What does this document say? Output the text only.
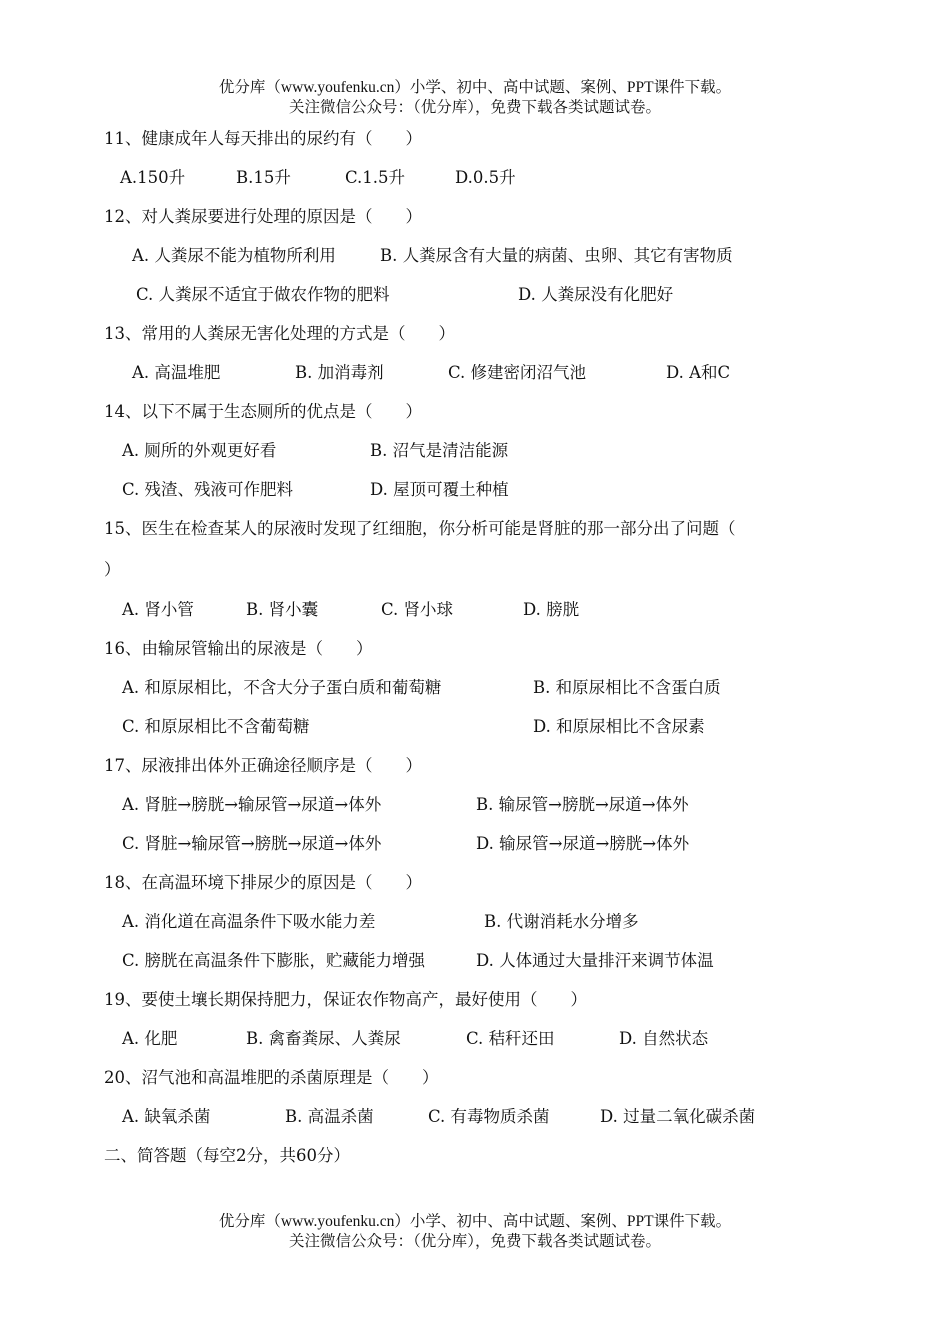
优分库（www.youfenku.cn）小学、初中、高中试题、案例、PPT课件下载。
关注微信公众号：（优分库），免费下载各类试题试卷。
11、健康成年人每天排出的尿约有（　　）
A.150升	B.15升	C.1.5升	D.0.5升
12、对人粪尿要进行处理的原因是（　　）
A. 人粪尿不能为植物所利用	B. 人粪尿含有大量的病菌、虫卵、其它有害物质
C. 人粪尿不适宜于做农作物的肥料	D. 人粪尿没有化肥好
13、常用的人粪尿无害化处理的方式是（　　）
A. 高温堆肥	B. 加消毒剂	C. 修建密闭沼气池	D. A和C
14、以下不属于生态厕所的优点是（　　）
A. 厕所的外观更好看	B. 沼气是清洁能源
C. 残渣、残液可作肥料	D. 屋顶可覆土种植
15、医生在检查某人的尿液时发现了红细胞，你分析可能是肾脏的那一部分出了问题（
）
A. 肾小管	B. 肾小囊	C. 肾小球	D. 膀胱
16、由输尿管输出的尿液是（　　）
A. 和原尿相比，不含大分子蛋白质和葡萄糖	B. 和原尿相比不含蛋白质
C. 和原尿相比不含葡萄糖	D. 和原尿相比不含尿素
17、尿液排出体外正确途径顺序是（　　）
A. 肾脏→膀胱→输尿管→尿道→体外	B. 输尿管→膀胱→尿道→体外
C. 肾脏→输尿管→膀胱→尿道→体外	D. 输尿管→尿道→膀胱→体外
18、在高温环境下排尿少的原因是（　　）
A. 消化道在高温条件下吸水能力差	B. 代谢消耗水分增多
C. 膀胱在高温条件下膨胀，贮藏能力增强	D. 人体通过大量排汗来调节体温
19、要使土壤长期保持肥力，保证农作物高产，最好使用（　　）
A. 化肥	B. 禽畜粪尿、人粪尿	C. 秸秆还田	D. 自然状态
20、沼气池和高温堆肥的杀菌原理是（　　）
A. 缺氧杀菌	B. 高温杀菌	C. 有毒物质杀菌	D. 过量二氧化碳杀菌
二、简答题（每空2分，共60分）
优分库（www.youfenku.cn）小学、初中、高中试题、案例、PPT课件下载。
关注微信公众号：（优分库），免费下载各类试题试卷。
